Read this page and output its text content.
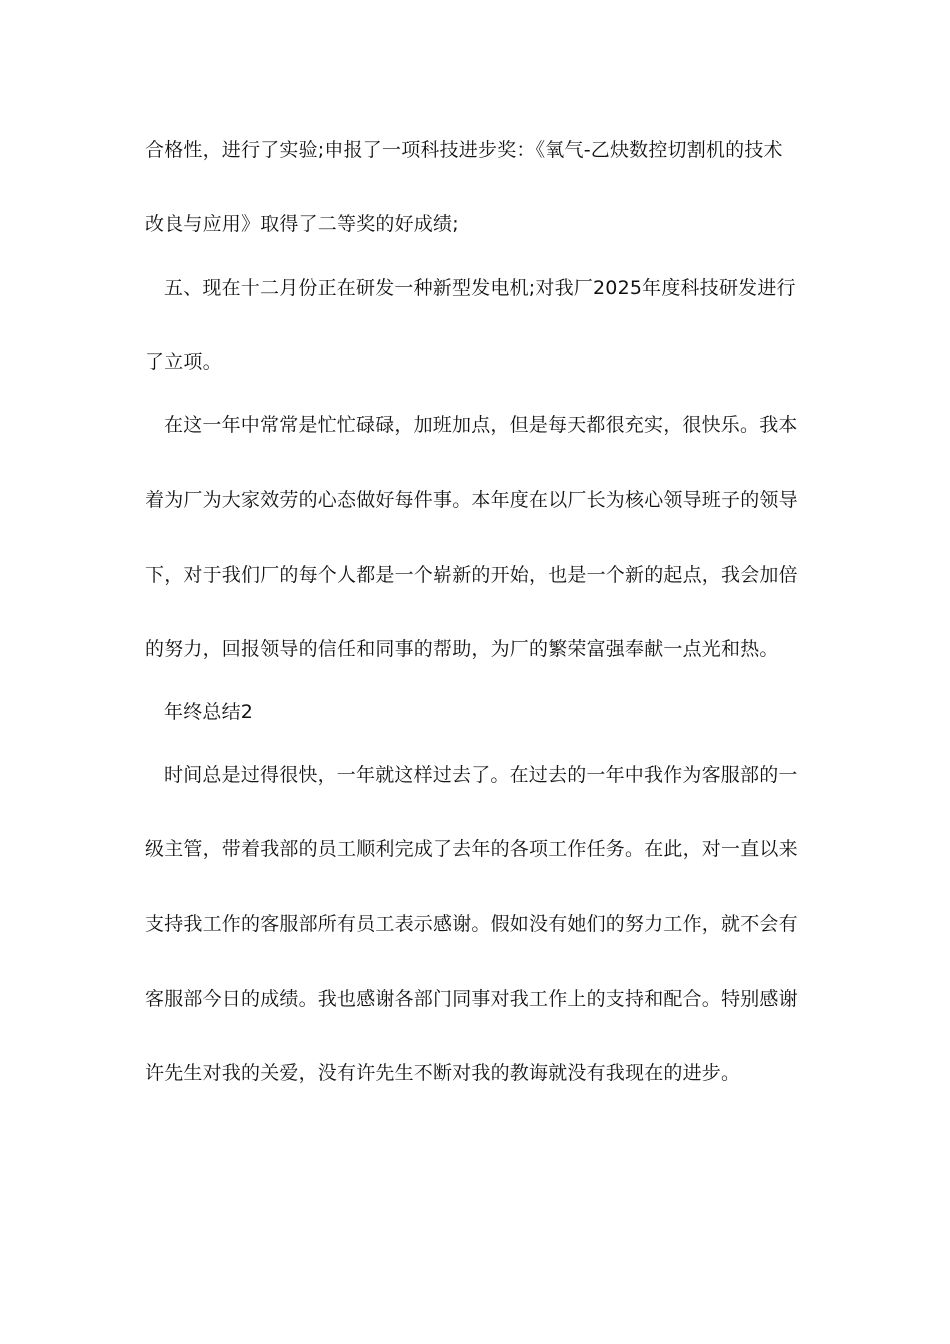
合格性，进行了实验;申报了一项科技进步奖：《氧气-乙炔数控切割机的技术
改良与应用》取得了二等奖的好成绩;
五、现在十二月份正在研发一种新型发电机;对我厂2025年度科技研发进行
了立项。
在这一年中常常是忙忙碌碌，加班加点，但是每天都很充实，很快乐。我本
着为厂为大家效劳的心态做好每件事。本年度在以厂长为核心领导班子的领导
下，对于我们厂的每个人都是一个崭新的开始，也是一个新的起点，我会加倍
的努力，回报领导的信任和同事的帮助，为厂的繁荣富强奉献一点光和热。
年终总结2
时间总是过得很快，一年就这样过去了。在过去的一年中我作为客服部的一
级主管，带着我部的员工顺利完成了去年的各项工作任务。在此，对一直以来
支持我工作的客服部所有员工表示感谢。假如没有她们的努力工作，就不会有
客服部今日的成绩。我也感谢各部门同事对我工作上的支持和配合。特别感谢
许先生对我的关爱，没有许先生不断对我的教诲就没有我现在的进步。
